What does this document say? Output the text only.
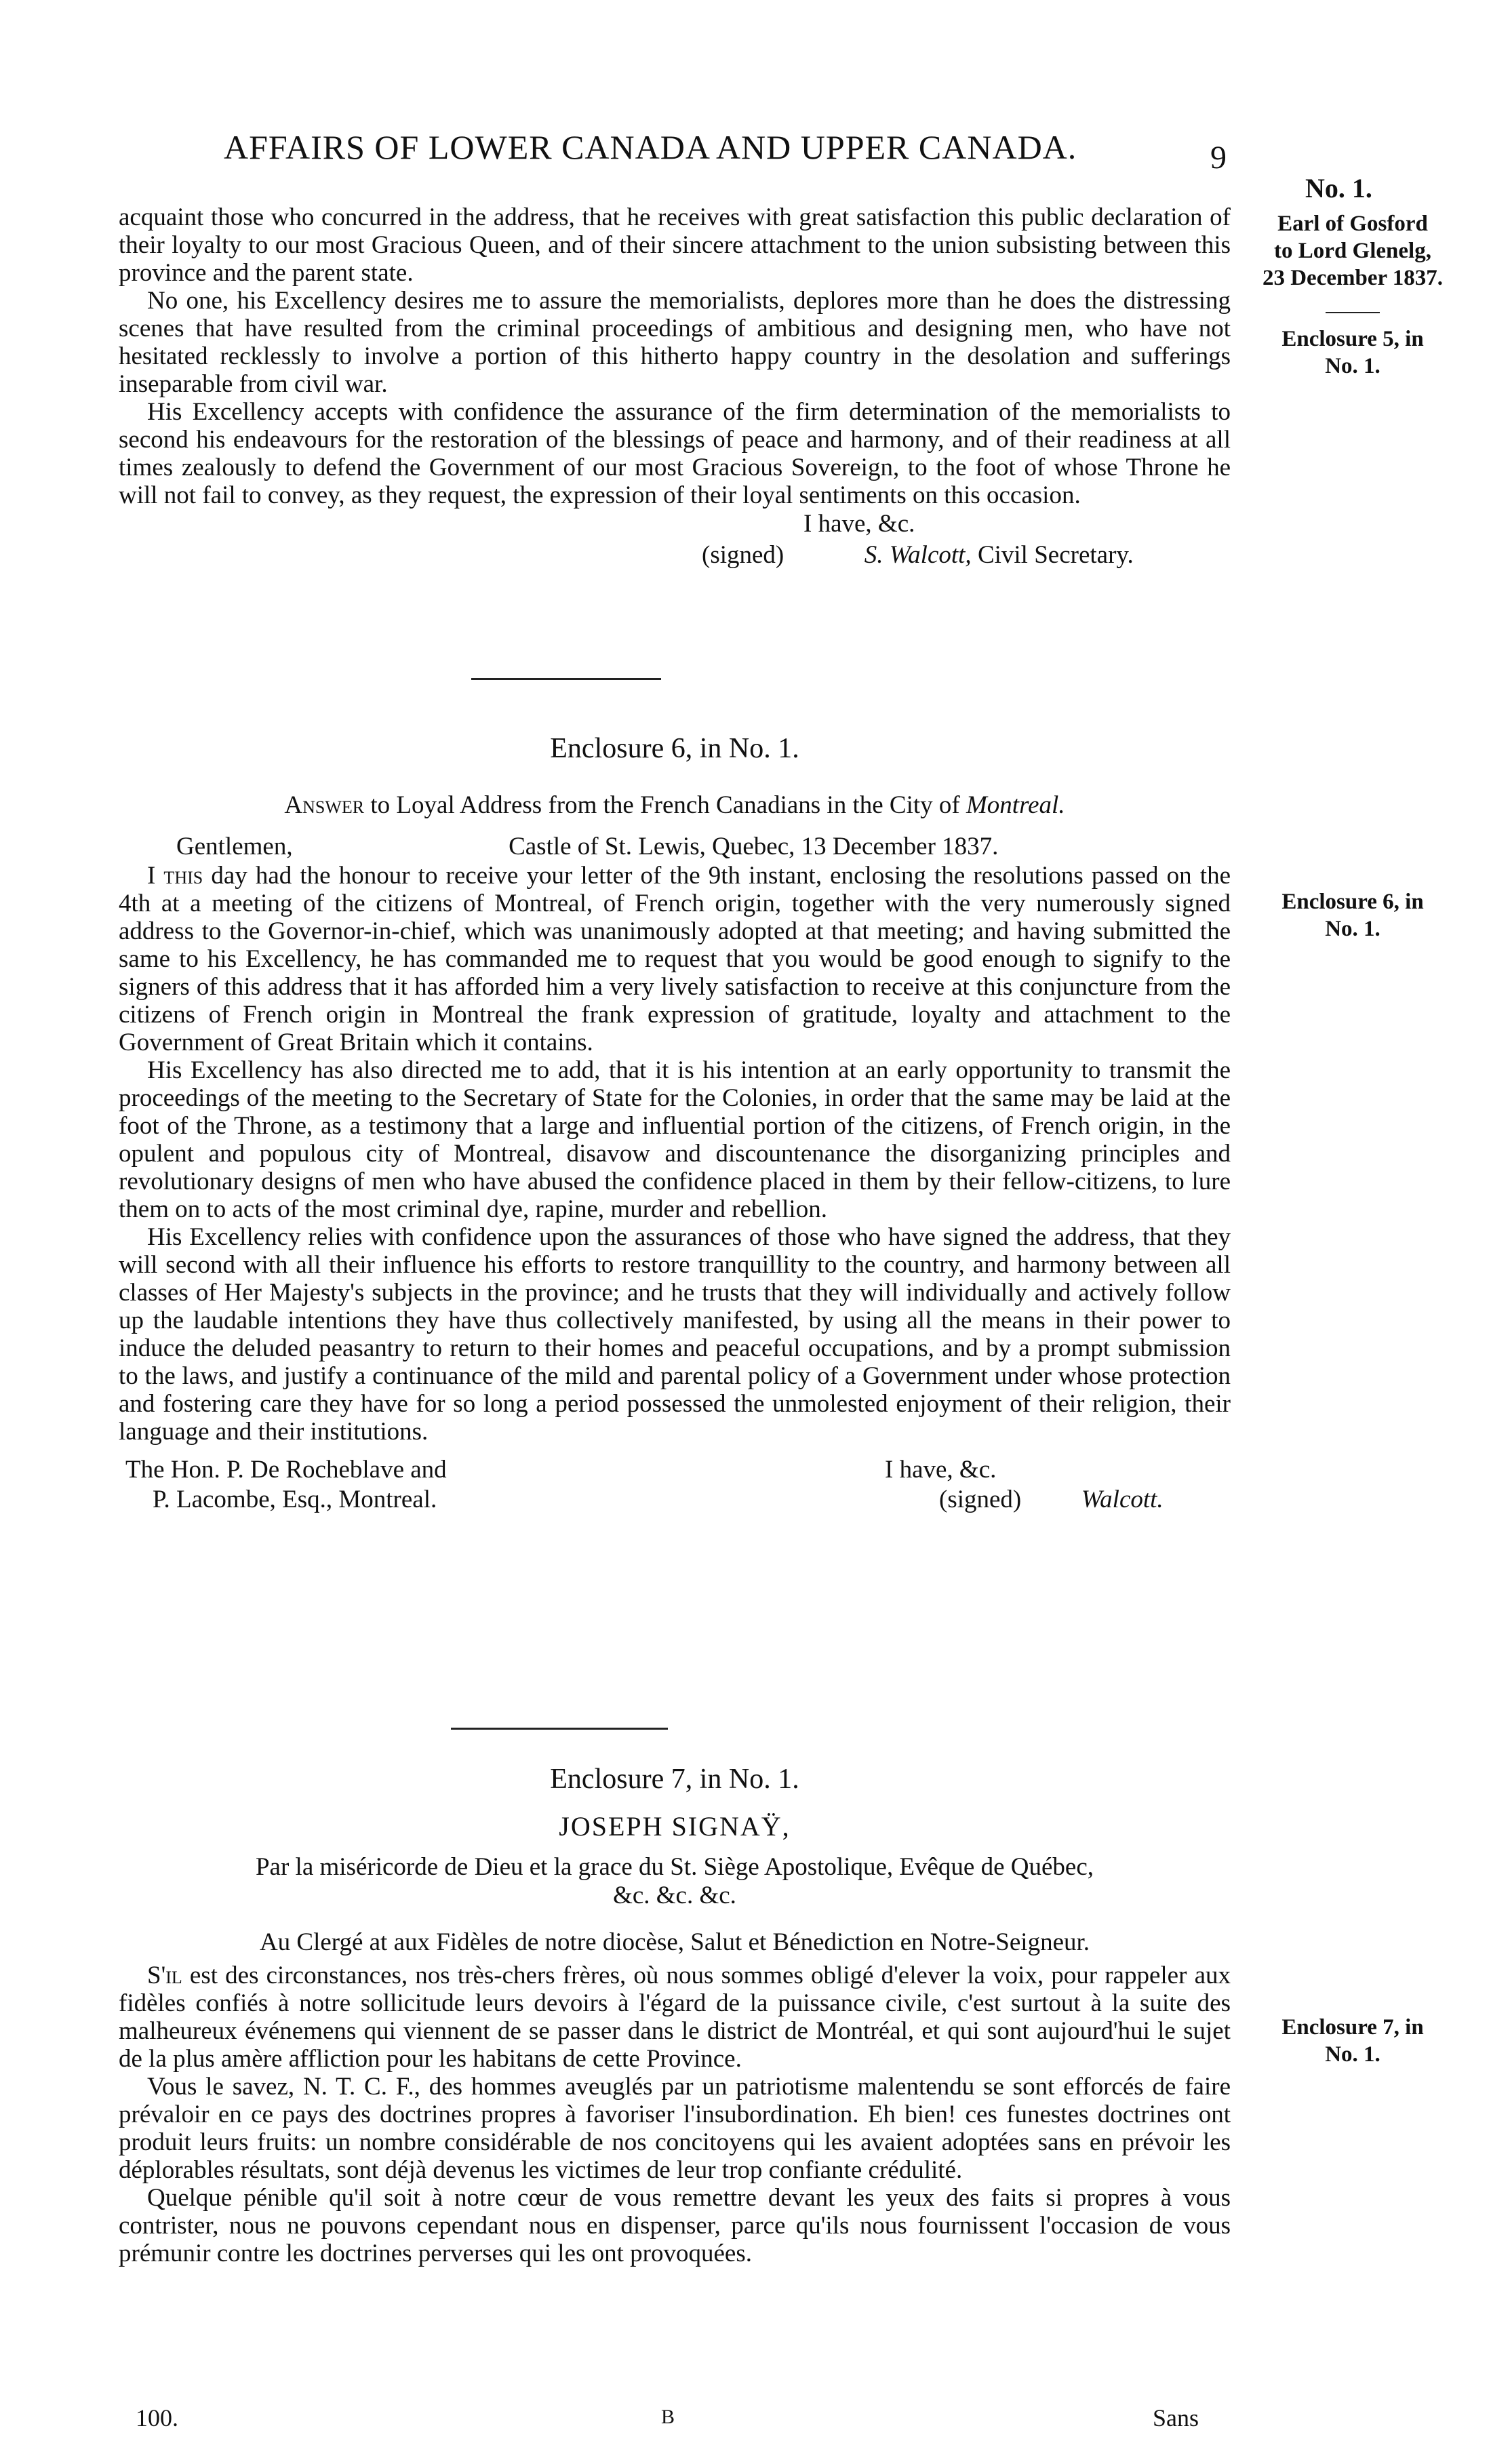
AFFAIRS OF LOWER CANADA AND UPPER CANADA.	9
No. 1.
Earl of Gosford
to Lord Glenelg,
23 December 1837.
Enclosure 5, in
No. 1.
Enclosure 6, in
No. 1.
Enclosure 7, in
No. 1.

acquaint those who concurred in the address, that he receives with great satisfaction this public declaration of their loyalty to our most Gracious Queen, and of their sincere attachment to the union subsisting between this province and the parent state.

No one, his Excellency desires me to assure the memorialists, deplores more than he does the distressing scenes that have resulted from the criminal proceedings of ambitious and designing men, who have not hesitated recklessly to involve a portion of this hitherto happy country in the desolation and sufferings inseparable from civil war.

His Excellency accepts with confidence the assurance of the firm determination of the memorialists to second his endeavours for the restoration of the blessings of peace and harmony, and of their readiness at all times zealously to defend the Government of our most Gracious Sovereign, to the foot of whose Throne he will not fail to convey, as they request, the expression of their loyal sentiments on this occasion.

I have, &c.
(signed)	S. Walcott, Civil Secretary.
Enclosure 6, in No. 1.
Answer to Loyal Address from the French Canadians in the City of Montreal.
Gentlemen,	Castle of St. Lewis, Quebec, 13 December 1837.

I this day had the honour to receive your letter of the 9th instant, enclosing the resolutions passed on the 4th at a meeting of the citizens of Montreal, of French origin, together with the very numerously signed address to the Governor-in-chief, which was unanimously adopted at that meeting; and having submitted the same to his Excellency, he has commanded me to request that you would be good enough to signify to the signers of this address that it has afforded him a very lively satisfaction to receive at this conjuncture from the citizens of French origin in Montreal the frank expression of gratitude, loyalty and attachment to the Government of Great Britain which it contains.

His Excellency has also directed me to add, that it is his intention at an early opportunity to transmit the proceedings of the meeting to the Secretary of State for the Colonies, in order that the same may be laid at the foot of the Throne, as a testimony that a large and influential portion of the citizens, of French origin, in the opulent and populous city of Montreal, disavow and discountenance the disorganizing principles and revolutionary designs of men who have abused the confidence placed in them by their fellow-citizens, to lure them on to acts of the most criminal dye, rapine, murder and rebellion.

His Excellency relies with confidence upon the assurances of those who have signed the address, that they will second with all their influence his efforts to restore tranquillity to the country, and harmony between all classes of Her Majesty's subjects in the province; and he trusts that they will individually and actively follow up the laudable intentions they have thus collectively manifested, by using all the means in their power to induce the deluded peasantry to return to their homes and peaceful occupations, and by a prompt submission to the laws, and justify a continuance of the mild and parental policy of a Government under whose protection and fostering care they have for so long a period possessed the unmolested enjoyment of their religion, their language and their institutions.

The Hon. P. De Rocheblave and
P. Lacombe, Esq., Montreal.
I have, &c.
(signed) Walcott.
Enclosure 7, in No. 1.
JOSEPH SIGNAŸ,
Par la miséricorde de Dieu et la grace du St. Siège Apostolique, Evêque de Québec,
&c. &c. &c.
Au Clergé at aux Fidèles de notre diocèse, Salut et Bénediction en Notre-Seigneur.

S'il est des circonstances, nos très-chers frères, où nous sommes obligé d'elever la voix, pour rappeler aux fidèles confiés à notre sollicitude leurs devoirs à l'égard de la puissance civile, c'est surtout à la suite des malheureux événemens qui viennent de se passer dans le district de Montréal, et qui sont aujourd'hui le sujet de la plus amère affliction pour les habitans de cette Province.

Vous le savez, N. T. C. F., des hommes aveuglés par un patriotisme malentendu se sont efforcés de faire prévaloir en ce pays des doctrines propres à favoriser l'insubordination. Eh bien! ces funestes doctrines ont produit leurs fruits: un nombre considérable de nos concitoyens qui les avaient adoptées sans en prévoir les déplorables résultats, sont déjà devenus les victimes de leur trop confiante crédulité.

Quelque pénible qu'il soit à notre cœur de vous remettre devant les yeux des faits si propres à vous contrister, nous ne pouvons cependant nous en dispenser, parce qu'ils nous fournissent l'occasion de vous prémunir contre les doctrines perverses qui les ont provoquées.

100.	B	Sans
